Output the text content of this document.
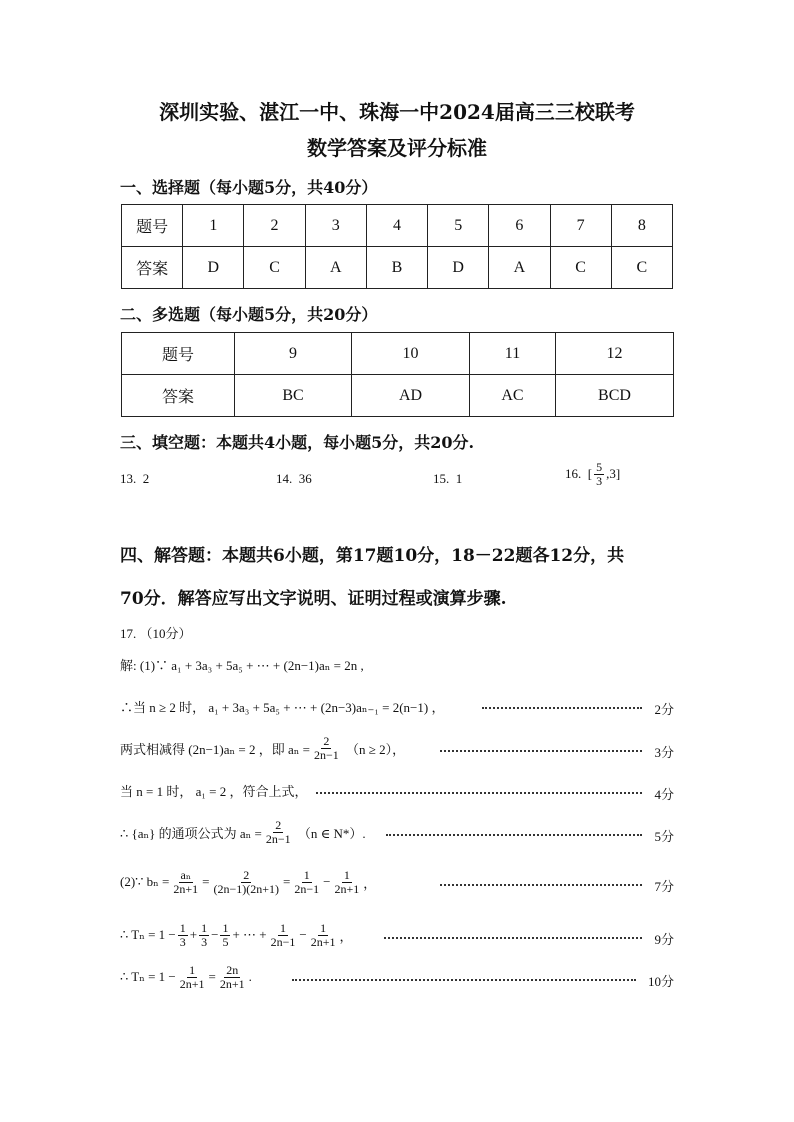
深圳实验、湛江一中、珠海一中2024届高三三校联考
数学答案及评分标准
一、选择题（每小题5分，共40分）
题号	1	2	3	4	5	6	7	8
答案	D	C	A	B	D	A	C	C
二、多选题（每小题5分，共20分）
题号	9	10	11	12
答案	BC	AD	AC	BCD
三、填空题：本题共4小题，每小题5分，共20分.
13. 2	14. 36	15. 1	16.
[ $\frac{5}{3} ,3$]
四、解答题：本题共6小题，第17题10分，18－22题各12分，共
70分．解答应写出文字说明、证明过程或演算步骤.
17. （10分）
解: (1)∵ a₁ + 3a₃ + 5a₅ + ⋯ + (2n−1)aₙ = 2n ,
∴当 n ≥ 2 时， a₁ + 3a₃ + 5a₅ + ⋯ + (2n−3)aₙ₋₁ = 2(n−1) ，	2分
两式相减得 (2n−1)aₙ = 2 ，即 $a_n = \frac{2}{2n-1}$
（n ≥ 2），	3分
当 n = 1 时， a₁ = 2 ，符合上式，	4分
∴ {aₙ} 的通项公式为 $a_n = \frac{2}{2n-1}$
（n ∈ N*）.	5分
(2)∵ $b_n = \frac{\text{aₙ}}{2n+1} = \frac{2}{(2n-1)(2n+1)} = \frac{1}{2n-1} - \frac{1}{2n+1}$ ，	7分
∴ $T_n = 1 - \frac{1}{3} + \frac{1}{3} - \frac{1}{5}$ + ⋯ + $\frac{1}{2n-1} - \frac{1}{2n+1}$ ，	9分
∴ $T_n = 1 - \frac{1}{2n+1} = \frac{2n}{2n+1}$ .	10分
